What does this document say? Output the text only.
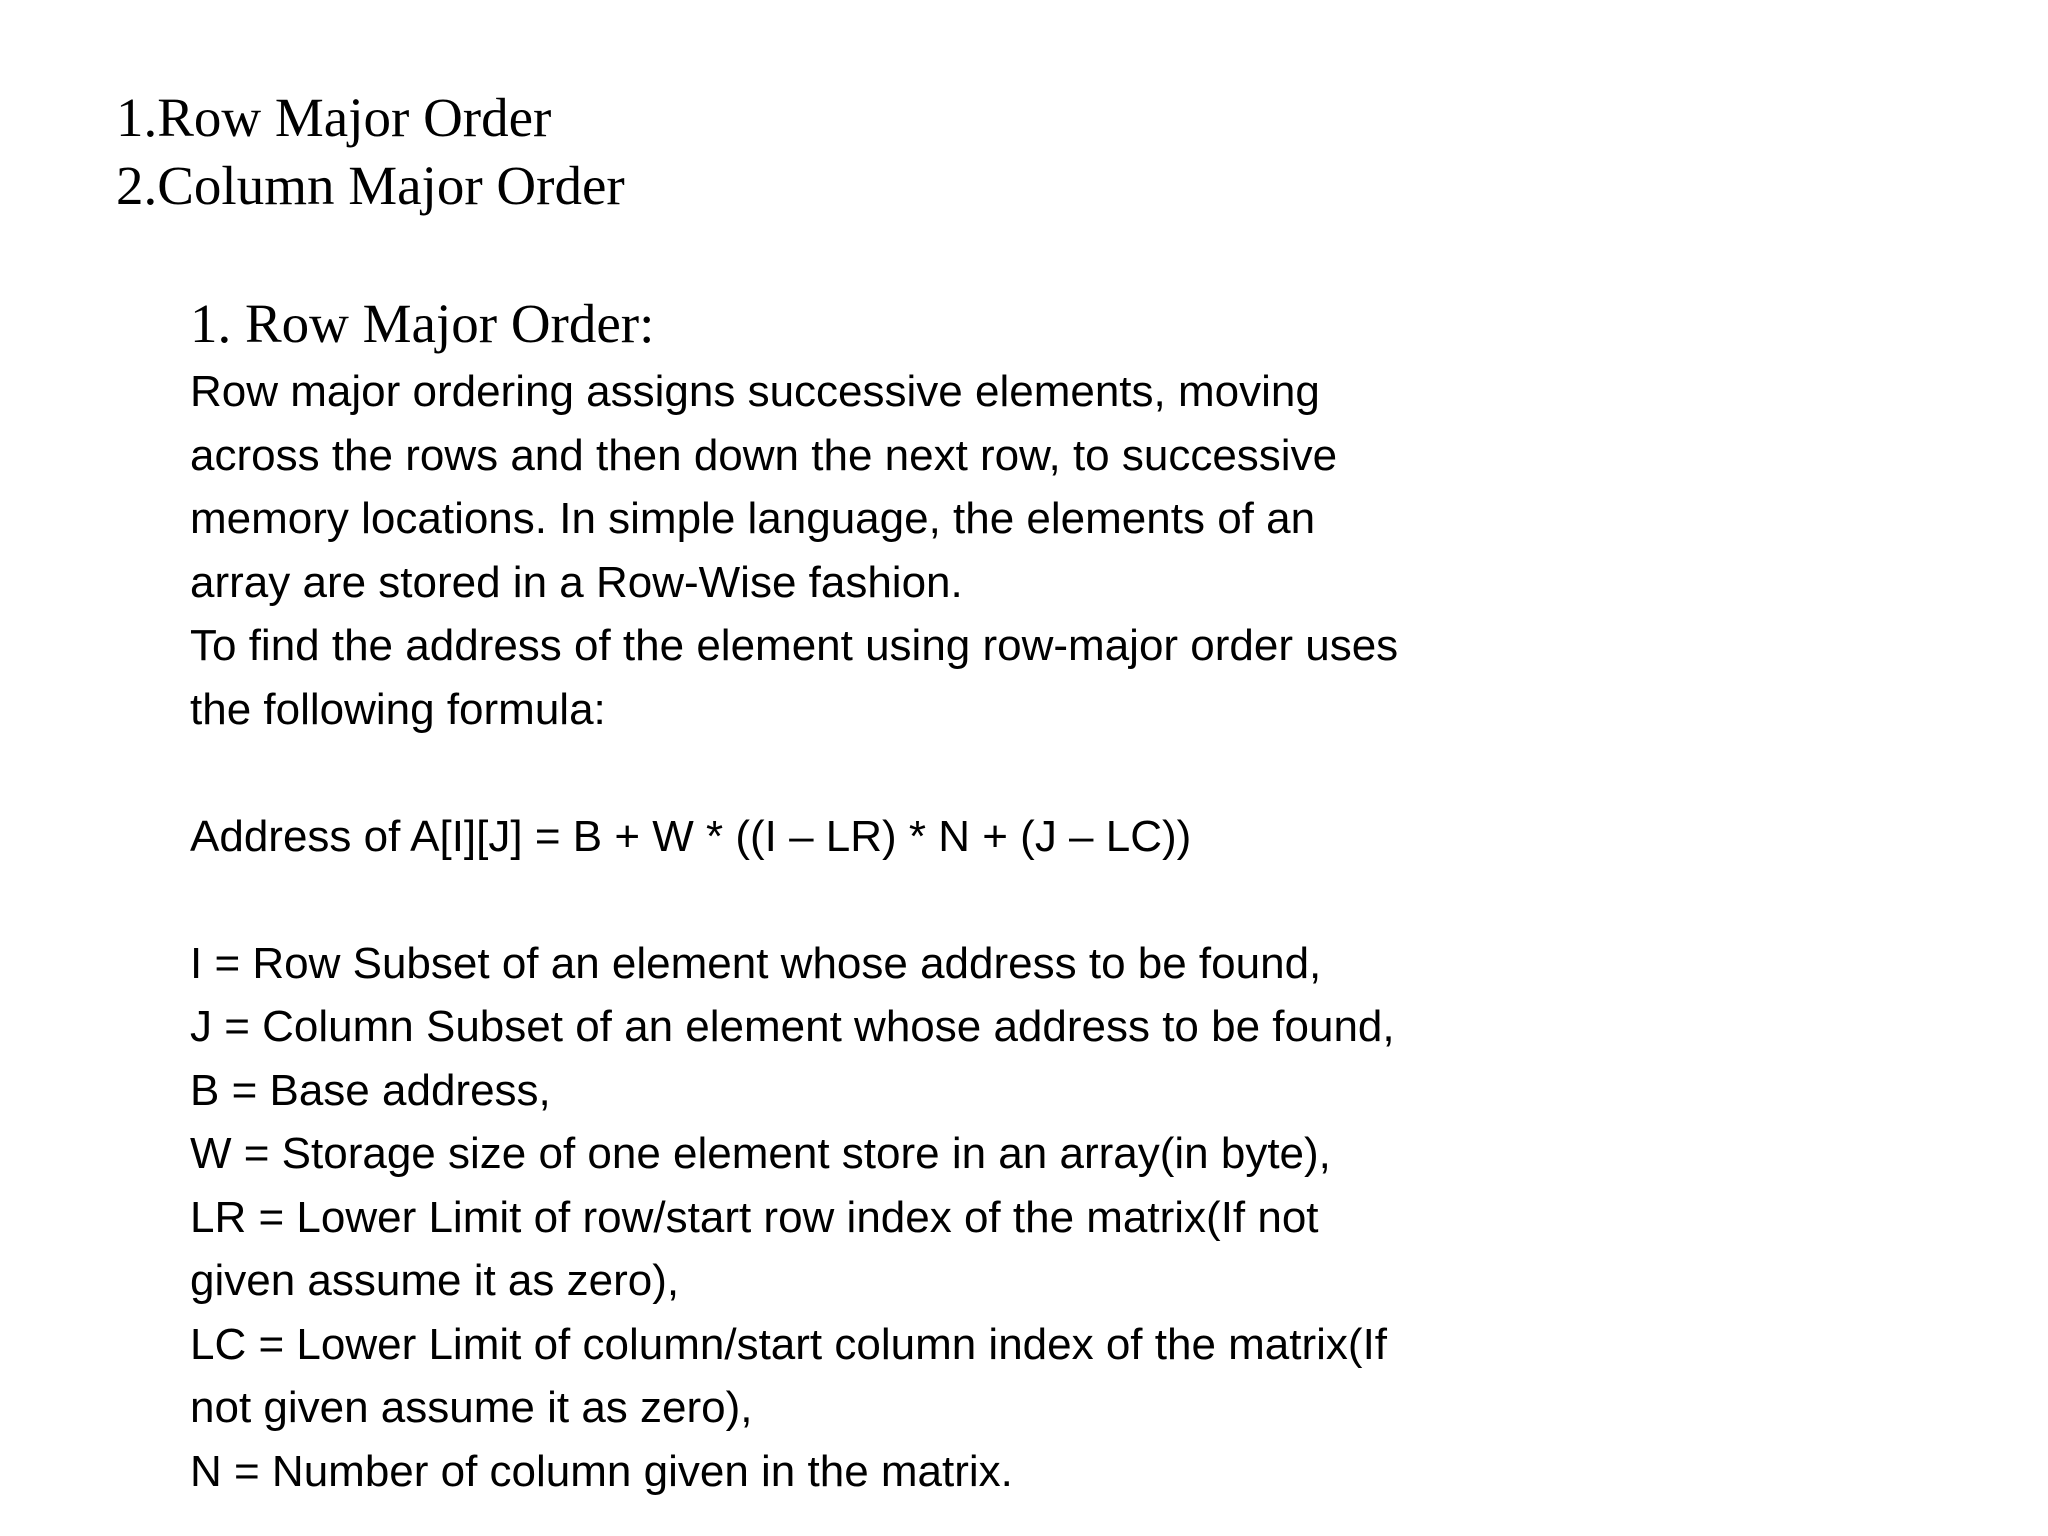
1.Row Major Order
2.Column Major Order
1. Row Major Order:
Row major ordering assigns successive elements, moving
across the rows and then down the next row, to successive
memory locations. In simple language, the elements of an
array are stored in a Row-Wise fashion.
To find the address of the element using row-major order uses
the following formula:
Address of A[I][J] = B + W * ((I – LR) * N + (J – LC))
I = Row Subset of an element whose address to be found,
J = Column Subset of an element whose address to be found,
B = Base address,
W = Storage size of one element store in an array(in byte),
LR = Lower Limit of row/start row index of the matrix(If not
given assume it as zero),
LC = Lower Limit of column/start column index of the matrix(If
not given assume it as zero),
N = Number of column given in the matrix.
